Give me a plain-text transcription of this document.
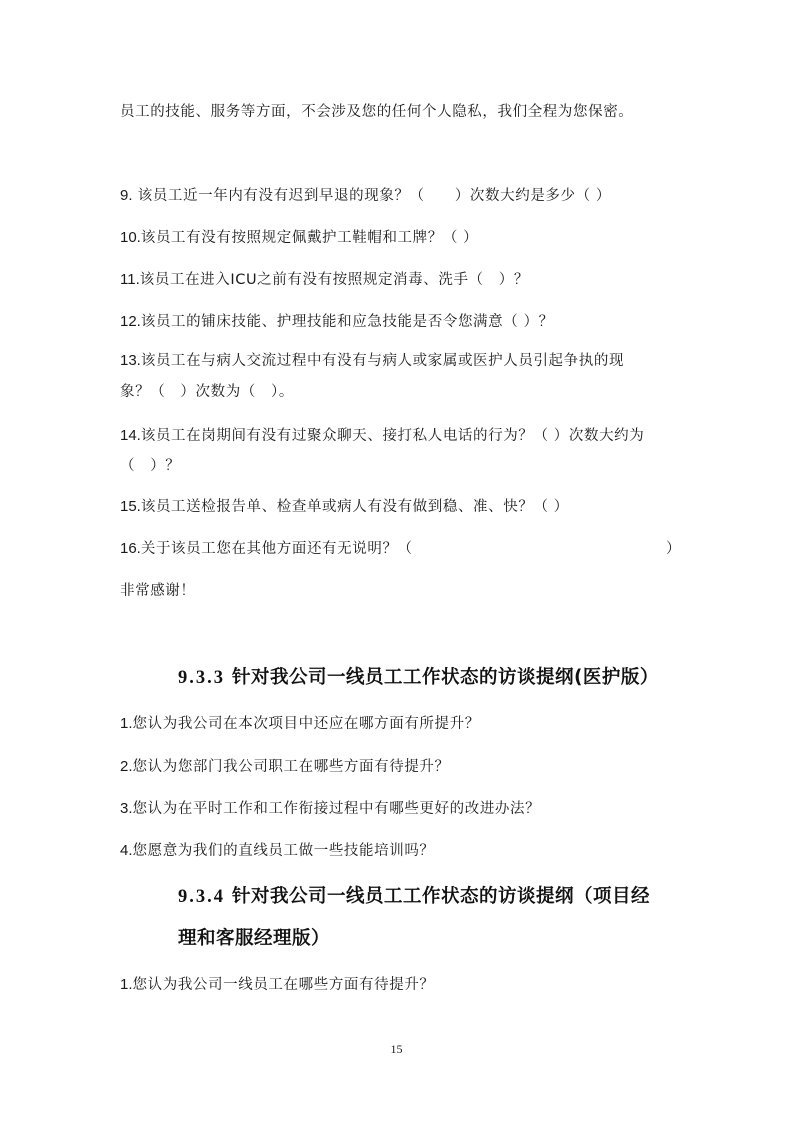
员工的技能、服务等方面，不会涉及您的任何个人隐私，我们全程为您保密。
9. 该员工近一年内有没有迟到早退的现象？（　　）次数大约是多少（ ）
10.该员工有没有按照规定佩戴护工鞋帽和工牌？（ ）
11.该员工在进入ICU之前有没有按照规定消毒、洗手（　）？
12.该员工的铺床技能、护理技能和应急技能是否令您满意（ ）？
13.该员工在与病人交流过程中有没有与病人或家属或医护人员引起争执的现
象？（　）次数为（　）。
14.该员工在岗期间有没有过聚众聊天、接打私人电话的行为？（ ）次数大约为
（　）？
15.该员工送检报告单、检查单或病人有没有做到稳、准、快？（ ）
16.关于该员工您在其他方面还有无说明？（	）
非常感谢！
9.3.3 针对我公司一线员工工作状态的访谈提纲(医护版）
1.您认为我公司在本次项目中还应在哪方面有所提升？
2.您认为您部门我公司职工在哪些方面有待提升？
3.您认为在平时工作和工作衔接过程中有哪些更好的改进办法？
4.您愿意为我们的直线员工做一些技能培训吗？
9.3.4 针对我公司一线员工工作状态的访谈提纲（项目经
理和客服经理版）
1.您认为我公司一线员工在哪些方面有待提升？
15
